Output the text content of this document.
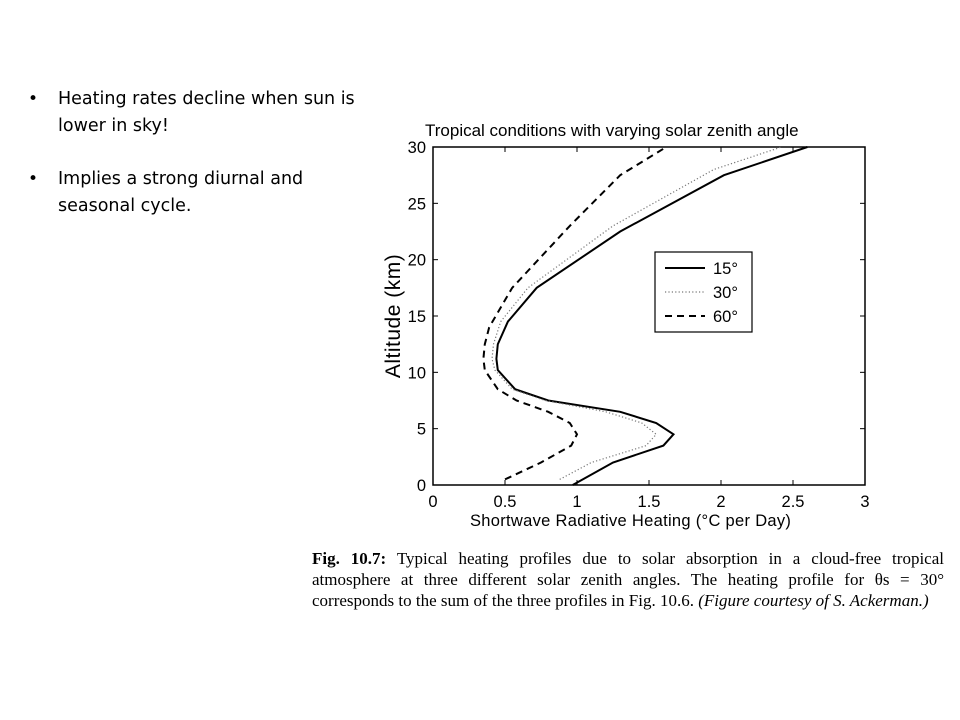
• Heating rates decline when sun is lower in sky!
• Implies a strong diurnal and seasonal cycle.
Tropical conditions with varying solar zenith angle
0	0.5	1	1.5	2	2.5	3
0
5
10
15
20
25
30
15°
30°
60°
Shortwave Radiative Heating (°C per Day)
Altitude (km)

Fig. 10.7: Typical heating profiles due to solar absorption in a cloud-free tropical atmosphere at three different solar zenith angles. The heating profile for θs = 30° corresponds to the sum of the three profiles in Fig. 10.6. (Figure courtesy of S. Ackerman.)
